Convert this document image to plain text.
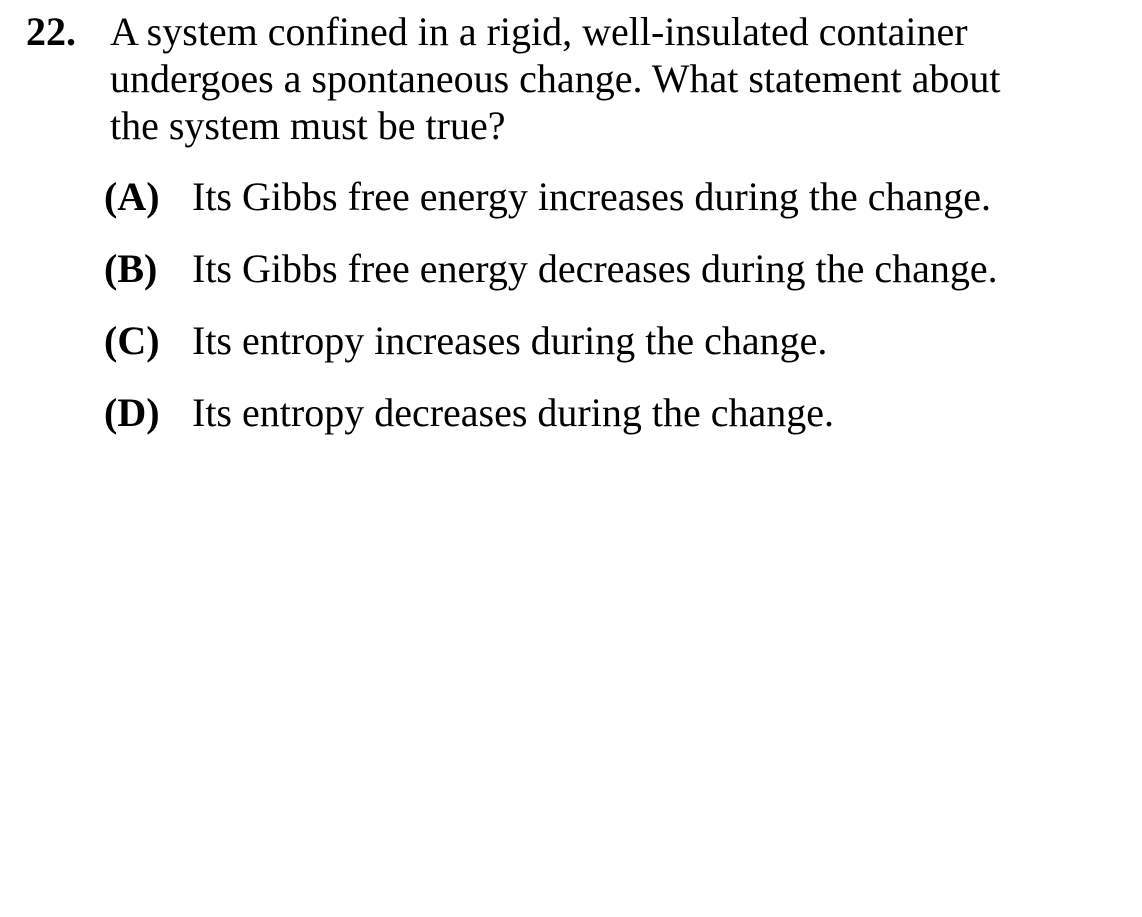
22. A system confined in a rigid, well-insulated container
undergoes a spontaneous change. What statement about
the system must be true?
(A) Its Gibbs free energy increases during the change.
(B) Its Gibbs free energy decreases during the change.
(C) Its entropy increases during the change.
(D) Its entropy decreases during the change.
